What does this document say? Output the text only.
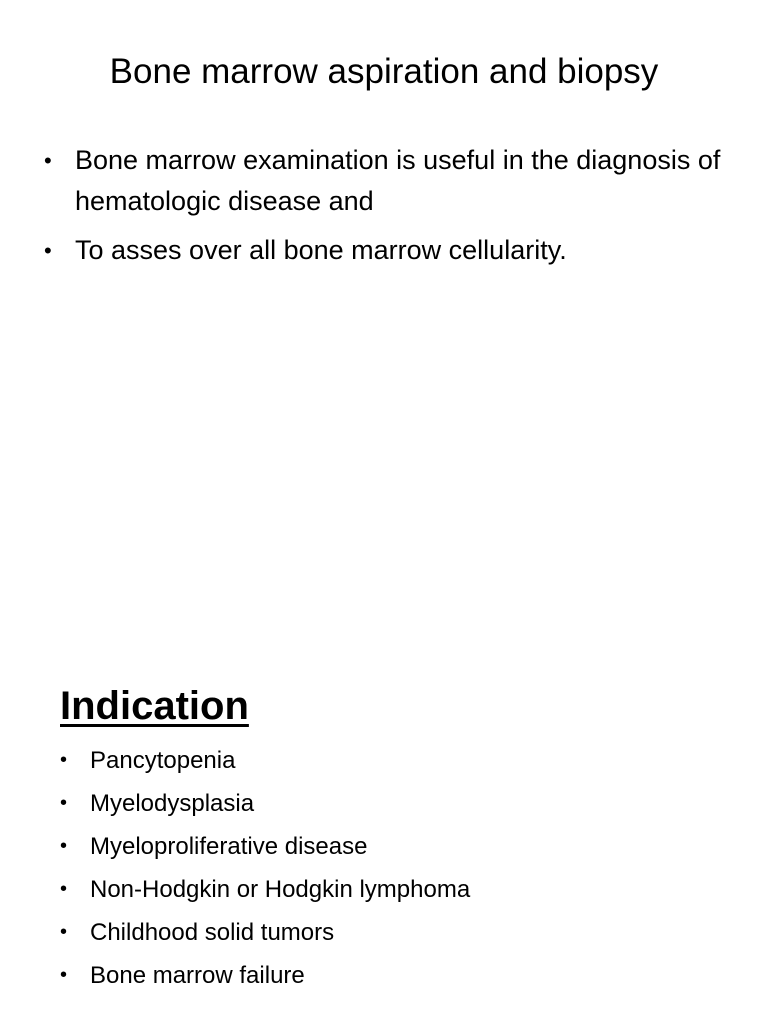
Bone marrow aspiration and biopsy
• Bone marrow examination is useful in the diagnosis of hematologic disease and
• To asses over all bone marrow cellularity.
Indication
• Pancytopenia
• Myelodysplasia
• Myeloproliferative disease
• Non-Hodgkin or Hodgkin lymphoma
• Childhood solid tumors
• Bone marrow failure
